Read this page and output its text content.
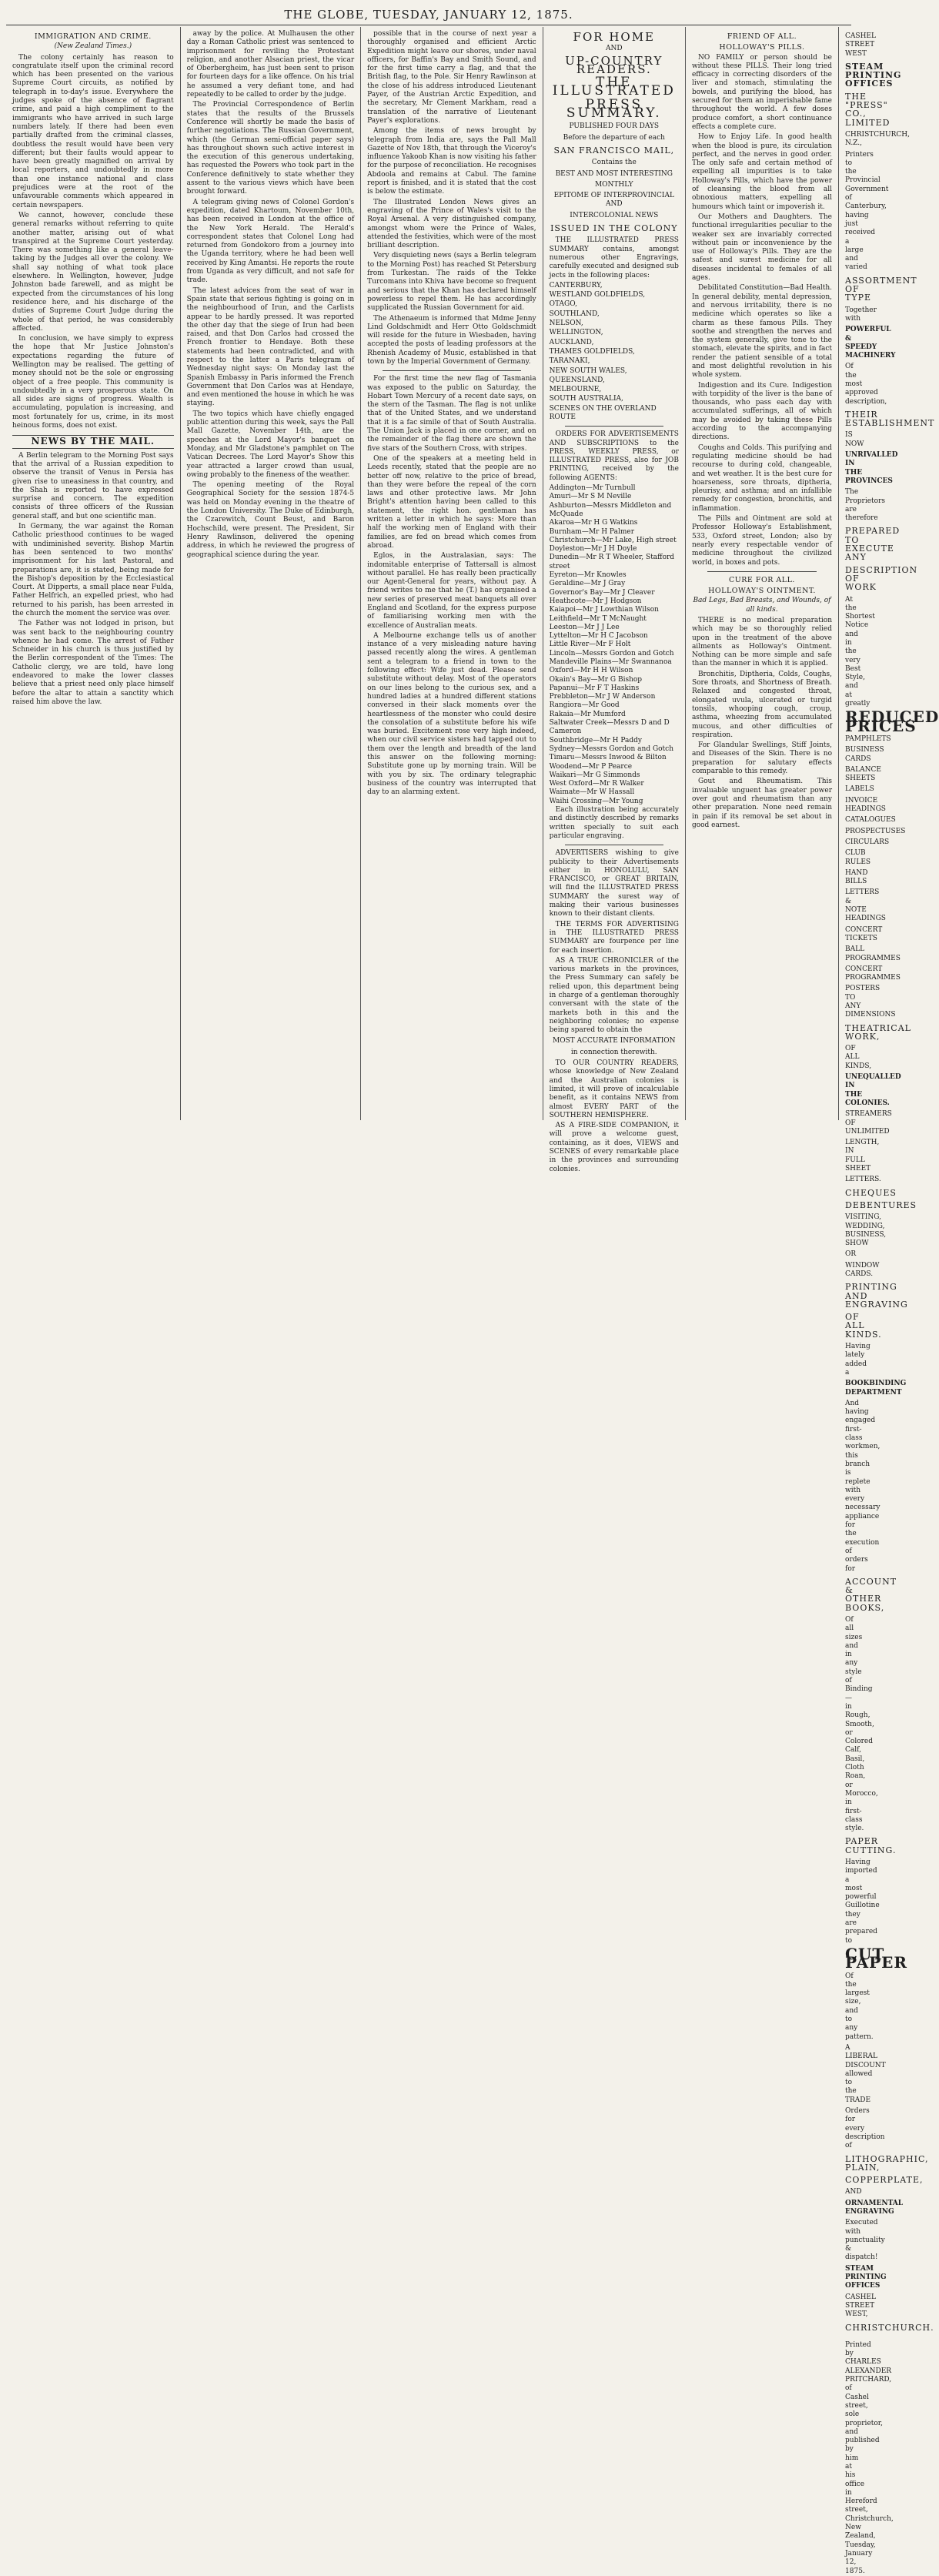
THE GLOBE, TUESDAY, JANUARY 12, 1875.
IMMIGRATION AND CRIME.
(New Zealand Times.)

The colony certainly has reason to congratulate itself upon the criminal record which has been presented on the various Supreme Court circuits, as notified by telegraph in to-day's issue. Everywhere the judges spoke of the absence of flagrant crime, and paid a high compliment to the immigrants who have arrived in such large numbers lately. If there had been even partially drafted from the criminal classes, doubtless the result would have been very different; but their faults would appear to have been greatly magnified on arrival by local reporters, and undoubtedly in more than one instance national and class prejudices were at the root of the unfavourable comments which appeared in certain newspapers.

We cannot, however, conclude these general remarks without referring to quite another matter, arising out of what transpired at the Supreme Court yesterday. There was something like a general leave-taking by the Judges all over the colony. We shall say nothing of what took place elsewhere. In Wellington, however, Judge Johnston bade farewell, and as might be expected from the circumstances of his long residence here, and his discharge of the duties of Supreme Court Judge during the whole of that period, he was considerably affected.

In conclusion, we have simply to express the hope that Mr Justice Johnston's expectations regarding the future of Wellington may be realised. The getting of money should not be the sole or engrossing object of a free people. This community is undoubtedly in a very prosperous state. On all sides are signs of progress. Wealth is accumulating, population is increasing, and most fortunately for us, crime, in its most heinous forms, does not exist.

NEWS BY THE MAIL.

A Berlin telegram to the Morning Post says that the arrival of a Russian expedition to observe the transit of Venus in Persia has given rise to uneasiness in that country, and the Shah is reported to have expressed surprise and concern. The expedition consists of three officers of the Russian general staff, and but one scientific man.

In Germany, the war against the Roman Catholic priesthood continues to be waged with undiminished severity. Bishop Martin has been sentenced to two months' imprisonment for his last Pastoral, and preparations are, it is stated, being made for the Bishop's deposition by the Ecclesiastical Court. At Dipperts, a small place near Fulda, Father Helfrich, an expelled priest, who had returned to his parish, has been arrested in the church the moment the service was over.

The Father was not lodged in prison, but was sent back to the neighbouring country whence he had come. The arrest of Father Schneider in his church is thus justified by the Berlin correspondent of the Times: The Catholic clergy, we are told, have long endeavored to make the lower classes believe that a priest need only place himself before the altar to attain a sanctity which raised him above the law.

away by the police. At Mulhausen the other day a Roman Catholic priest was sentenced to imprisonment for reviling the Protestant religion, and another Alsacian priest, the vicar of Oberbergheim, has just been sent to prison for fourteen days for a like offence. On his trial he assumed a very defiant tone, and had repeatedly to be called to order by the judge.

The Provincial Correspondence of Berlin states that the results of the Brussels Conference will shortly be made the basis of further negotiations. The Russian Government, which (the German semi-official paper says) has throughout shown such active interest in the execution of this generous undertaking, has requested the Powers who took part in the Conference definitively to state whether they assent to the various views which have been brought forward.

A telegram giving news of Colonel Gordon's expedition, dated Khartoum, November 10th, has been received in London at the office of the New York Herald. The Herald's correspondent states that Colonel Long had returned from Gondokoro from a journey into the Uganda territory, where he had been well received by King Amantsi. He reports the route from Uganda as very difficult, and not safe for trade.

The latest advices from the seat of war in Spain state that serious fighting is going on in the neighbourhood of Irun, and the Carlists appear to be hardly pressed. It was reported the other day that the siege of Irun had been raised, and that Don Carlos had crossed the French frontier to Hendaye. Both these statements had been contradicted, and with respect to the latter a Paris telegram of Wednesday night says: On Monday last the Spanish Embassy in Paris informed the French Government that Don Carlos was at Hendaye, and even mentioned the house in which he was staying.

The two topics which have chiefly engaged public attention during this week, says the Pall Mall Gazette, November 14th, are the speeches at the Lord Mayor's banquet on Monday, and Mr Gladstone's pamphlet on The Vatican Decrees. The Lord Mayor's Show this year attracted a larger crowd than usual, owing probably to the fineness of the weather.

The opening meeting of the Royal Geographical Society for the session 1874-5 was held on Monday evening in the theatre of the London University. The Duke of Edinburgh, the Czarewitch, Count Beust, and Baron Hochschild, were present. The President, Sir Henry Rawlinson, delivered the opening address, in which he reviewed the progress of geographical science during the year.

possible that in the course of next year a thoroughly organised and efficient Arctic Expedition might leave our shores, under naval officers, for Baffin's Bay and Smith Sound, and for the first time carry a flag, and that the British flag, to the Pole. Sir Henry Rawlinson at the close of his address introduced Lieutenant Payer, of the Austrian Arctic Expedition, and the secretary, Mr Clement Markham, read a translation of the narrative of Lieutenant Payer's explorations.

Among the items of news brought by telegraph from India are, says the Pall Mall Gazette of Nov 18th, that through the Viceroy's influence Yakoob Khan is now visiting his father for the purpose of reconciliation. He recognises Abdoola and remains at Cabul. The famine report is finished, and it is stated that the cost is below the estimate.

The Illustrated London News gives an engraving of the Prince of Wales's visit to the Royal Arsenal. A very distinguished company, amongst whom were the Prince of Wales, attended the festivities, which were of the most brilliant description.

Very disquieting news (says a Berlin telegram to the Morning Post) has reached St Petersburg from Turkestan. The raids of the Tekke Turcomans into Khiva have become so frequent and serious that the Khan has declared himself powerless to repel them. He has accordingly supplicated the Russian Government for aid.

The Athenaeum is informed that Mdme Jenny Lind Goldschmidt and Herr Otto Goldschmidt will reside for the future in Wiesbaden, having accepted the posts of leading professors at the Rhenish Academy of Music, established in that town by the Imperial Government of Germany.

For the first time the new flag of Tasmania was exposed to the public on Saturday, the Hobart Town Mercury of a recent date says, on the stern of the Tasman. The flag is not unlike that of the United States, and we understand that it is a fac simile of that of South Australia. The Union Jack is placed in one corner, and on the remainder of the flag there are shown the five stars of the Southern Cross, with stripes.

One of the speakers at a meeting held in Leeds recently, stated that the people are no better off now, relative to the price of bread, than they were before the repeal of the corn laws and other protective laws. Mr John Bright's attention having been called to this statement, the right hon. gentleman has written a letter in which he says: More than half the working men of England with their families, are fed on bread which comes from abroad.

Eglos, in the Australasian, says: The indomitable enterprise of Tattersall is almost without parallel. He has really been practically our Agent-General for years, without pay. A friend writes to me that he (T.) has organised a new series of preserved meat banquets all over England and Scotland, for the express purpose of familiarising working men with the excellence of Australian meats.

A Melbourne exchange tells us of another instance of a very misleading nature having passed recently along the wires. A gentleman sent a telegram to a friend in town to the following effect: Wife just dead. Please send substitute without delay. Most of the operators on our lines belong to the curious sex, and a hundred ladies at a hundred different stations conversed in their slack moments over the heartlessness of the monster who could desire the consolation of a substitute before his wife was buried. Excitement rose very high indeed, when our civil service sisters had tapped out to them over the length and breadth of the land this answer on the following morning: Substitute gone up by morning train. Will be with you by six. The ordinary telegraphic business of the country was interrupted that day to an alarming extent.

FOR HOME
AND
UP-COUNTRY READERS.
THE ILLUSTRATED
PRESS SUMMARY.
PUBLISHED FOUR DAYS
Before the departure of each
SAN FRANCISCO MAIL,
Contains the
BEST AND MOST INTERESTING
MONTHLY
EPITOME OF INTERPROVINCIAL AND
INTERCOLONIAL NEWS
ISSUED IN THE COLONY

THE ILLUSTRATED PRESS SUMMARY contains, amongst numerous other Engravings, carefully executed and designed sub jects in the following places:

CANTERBURY,
WESTLAND GOLDFIELDS,
OTAGO,
SOUTHLAND,
NELSON,
WELLINGTON,
AUCKLAND,
THAMES GOLDFIELDS,
TARANAKI,
NEW SOUTH WALES,
QUEENSLAND,
MELBOURNE,
SOUTH AUSTRALIA,
SCENES ON THE OVERLAND ROUTE

ORDERS FOR ADVERTISEMENTS AND SUBSCRIPTIONS to the PRESS, WEEKLY PRESS, or ILLUSTRATED PRESS, also for JOB PRINTING, received by the following AGENTS:

Addington—Mr Turnbull
Amuri—Mr S M Neville
Ashburton—Messrs Middleton and McQuade
Akaroa—Mr H G Watkins
Burnham—Mr H Palmer
Christchurch—Mr Lake, High street
Doyleston—Mr J H Doyle
Dunedin—Mr R T Wheeler, Stafford street
Eyreton—Mr Knowles
Geraldine—Mr J Gray
Governor's Bay—Mr J Cleaver
Heathcote—Mr J Hodgson
Kaiapoi—Mr J Lowthian Wilson
Leithfield—Mr T McNaught
Leeston—Mr J J Lee
Lyttelton—Mr H C Jacobson
Little River—Mr F Holt
Lincoln—Messrs Gordon and Gotch
Mandeville Plains—Mr Swannanoa
Oxford—Mr H H Wilson
Okain's Bay—Mr G Bishop
Papanui—Mr F T Haskins
Prebbleton—Mr J W Anderson
Rangiora—Mr Good
Rakaia—Mr Mumford
Saltwater Creek—Messrs D and D Cameron
Southbridge—Mr H Paddy
Sydney—Messrs Gordon and Gotch
Timaru—Messrs Inwood & Bilton
Woodend—Mr P Pearce
Waikari—Mr G Simmonds
West Oxford—Mr R Walker
Waimate—Mr W Hassall
Waihi Crossing—Mr Young

Each illustration being accurately and distinctly described by remarks written specially to suit each particular engraving.

ADVERTISERS wishing to give publicity to their Advertisements either in HONOLULU, SAN FRANCISCO, or GREAT BRITAIN, will find the ILLUSTRATED PRESS SUMMARY the surest way of making their various businesses known to their distant clients.

THE TERMS FOR ADVERTISING in THE ILLUSTRATED PRESS SUMMARY are fourpence per line for each insertion.

AS A TRUE CHRONICLER of the various markets in the provinces, the Press Summary can safely be relied upon, this department being in charge of a gentleman thoroughly conversant with the state of the markets both in this and the neighboring colonies; no expense being spared to obtain the

MOST ACCURATE INFORMATION
in connection therewith.

TO OUR COUNTRY READERS, whose knowledge of New Zealand and the Australian colonies is limited, it will prove of incalculable benefit, as it contains NEWS from almost EVERY PART of the SOUTHERN HEMISPHERE.

AS A FIRE-SIDE COMPANION, it will prove a welcome guest, containing, as it does, VIEWS and SCENES of every remarkable place in the provinces and surrounding colonies.

FRIEND OF ALL.
HOLLOWAY'S PILLS.

NO FAMILY or person should be without these PILLS. Their long tried efficacy in correcting disorders of the liver and stomach, stimulating the bowels, and purifying the blood, has secured for them an imperishable fame throughout the world. A few doses produce comfort, a short continuance effects a complete cure.

How to Enjoy Life. In good health when the blood is pure, its circulation perfect, and the nerves in good order. The only safe and certain method of expelling all impurities is to take Holloway's Pills, which have the power of cleansing the blood from all obnoxious matters, expelling all humours which taint or impoverish it.

Our Mothers and Daughters. The functional irregularities peculiar to the weaker sex are invariably corrected without pain or inconvenience by the use of Holloway's Pills. They are the safest and surest medicine for all diseases incidental to females of all ages.

Debilitated Constitution—Bad Health. In general debility, mental depression, and nervous irritability, there is no medicine which operates so like a charm as these famous Pills. They soothe and strengthen the nerves and the system generally, give tone to the stomach, elevate the spirits, and in fact render the patient sensible of a total and most delightful revolution in his whole system.

Indigestion and its Cure. Indigestion with torpidity of the liver is the bane of thousands, who pass each day with accumulated sufferings, all of which may be avoided by taking these Pills according to the accompanying directions.

Coughs and Colds. This purifying and regulating medicine should be had recourse to during cold, changeable, and wet weather. It is the best cure for hoarseness, sore throats, diptheria, pleurisy, and asthma; and an infallible remedy for congestion, bronchitis, and inflammation.

The Pills and Ointment are sold at Professor Holloway's Establishment, 533, Oxford street, London; also by nearly every respectable vendor of medicine throughout the civilized world, in boxes and pots.

CURE FOR ALL.
HOLLOWAY'S OINTMENT.
Bad Legs, Bad Breasts, and Wounds, of all kinds.

THERE is no medical preparation which may be so thoroughly relied upon in the treatment of the above ailments as Holloway's Ointment. Nothing can be more simple and safe than the manner in which it is applied.

Bronchitis, Diptheria, Colds, Coughs, Sore throats, and Shortness of Breath. Relaxed and congested throat, elongated uvula, ulcerated or turgid tonsils, whooping cough, croup, asthma, wheezing from accumulated mucous, and other difficulties of respiration.

For Glandular Swellings, Stiff Joints, and Diseases of the Skin. There is no preparation for salutary effects comparable to this remedy.

Gout and Rheumatism. This invaluable unguent has greater power over gout and rheumatism than any other preparation. None need remain in pain if its removal be set about in good earnest.

CASHEL STREET WEST
STEAM PRINTING OFFICES
THE "PRESS" CO., LIMITED
CHRISTCHURCH, N.Z.,
Printers to the Provincial Government of Canterbury, having just received a large and varied
ASSORTMENT OF TYPE
Together with
POWERFUL & SPEEDY MACHINERY
Of the most approved description,
THEIR ESTABLISHMENT
IS NOW
UNRIVALLED IN THE PROVINCES
The Proprietors are therefore
PREPARED TO EXECUTE ANY
DESCRIPTION OF WORK
At the Shortest Notice and in the very Best Style, and at greatly
REDUCED PRICES
PAMPHLETS
BUSINESS CARDS
BALANCE SHEETS
LABELS
INVOICE HEADINGS
CATALOGUES
PROSPECTUSES
CIRCULARS
CLUB RULES
HAND BILLS
LETTERS & NOTE HEADINGS
CONCERT TICKETS
BALL PROGRAMMES
CONCERT PROGRAMMES
POSTERS TO ANY DIMENSIONS
THEATRICAL WORK,
OF ALL KINDS,
UNEQUALLED IN THE COLONIES.
STREAMERS OF UNLIMITED
LENGTH, IN FULL SHEET
LETTERS.
CHEQUES
DEBENTURES
VISITING, WEDDING, BUSINESS, SHOW
OR
WINDOW CARDS.
PRINTING AND ENGRAVING
OF ALL KINDS.
Having lately added a
BOOKBINDING DEPARTMENT
And having engaged first-class workmen, this branch is replete with every necessary appliance for the execution of orders for
ACCOUNT & OTHER BOOKS,
Of all sizes and in any style of Binding—in Rough, Smooth, or Colored Calf, Basil, Cloth Roan, or Morocco, in first-class style.
PAPER CUTTING.
Having imported a most powerful Guillotine they are prepared to
CUT PAPER
Of the largest size, and to any pattern.
A LIBERAL DISCOUNT allowed to the TRADE
Orders for every description of
LITHOGRAPHIC, PLAIN,
COPPERPLATE,
AND
ORNAMENTAL ENGRAVING
Executed with punctuality & dispatch!
STEAM PRINTING OFFICES
CASHEL STREET WEST,
CHRISTCHURCH.
Printed by CHARLES ALEXANDER PRITCHARD, of Cashel street, sole proprietor, and published by him at his office in Hereford street, Christchurch, New Zealand, Tuesday, January 12, 1875.
